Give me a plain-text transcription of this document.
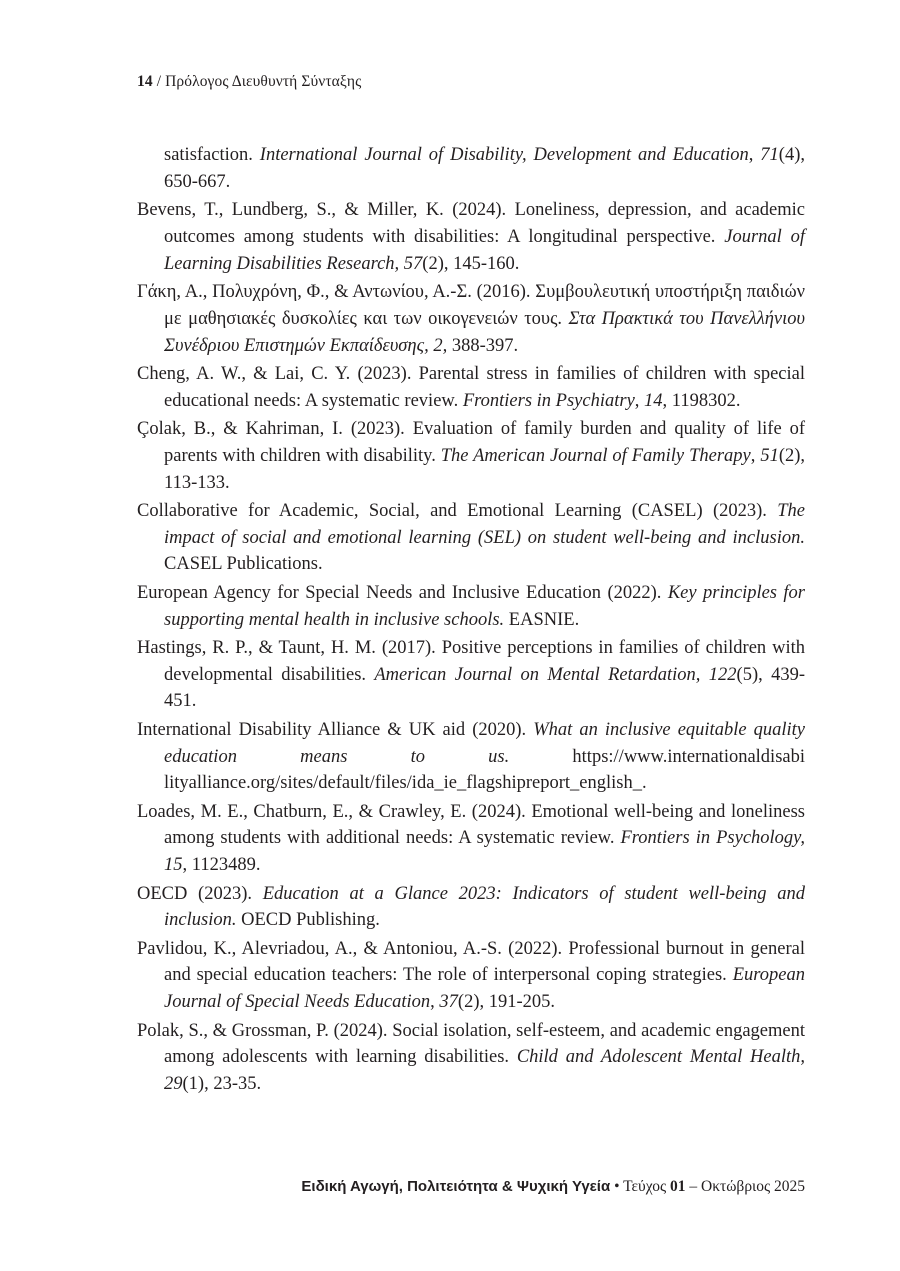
14 / Πρόλογος Διευθυντή Σύνταξης

satisfaction. International Journal of Disability, Development and Education, 71(4), 650-667.

Bevens, T., Lundberg, S., & Miller, K. (2024). Loneliness, depression, and academic outcomes among students with disabilities: A longitudinal perspective. Journal of Learning Disabilities Research, 57(2), 145-160.

Γάκη, Α., Πολυχρόνη, Φ., & Αντωνίου, Α.-Σ. (2016). Συμβουλευτική υποστήριξη παιδιών με μαθησιακές δυσκολίες και των οικογενειών τους. Στα Πρακτικά του Πανελλήνιου Συνέδριου Επιστημών Εκπαίδευσης, 2, 388-397.

Cheng, A. W., & Lai, C. Y. (2023). Parental stress in families of children with special educational needs: A systematic review. Frontiers in Psychiatry, 14, 1198302.

Çolak, B., & Kahriman, I. (2023). Evaluation of family burden and quality of life of parents with children with disability. The American Journal of Family Therapy, 51(2), 113-133.

Collaborative for Academic, Social, and Emotional Learning (CASEL) (2023). The impact of social and emotional learning (SEL) on student well-being and inclusion. CASEL Publications.

European Agency for Special Needs and Inclusive Education (2022). Key principles for supporting mental health in inclusive schools. EASNIE.

Hastings, R. P., & Taunt, H. M. (2017). Positive perceptions in families of children with developmental disabilities. American Journal on Mental Retardation, 122(5), 439-451.

International Disability Alliance & UK aid (2020). What an inclusive equitable quality education means to us. https://www.internationaldisabi lityalliance.org/sites/default/files/ida_ie_flagshipreport_english_.

Loades, M. E., Chatburn, E., & Crawley, E. (2024). Emotional well-being and loneliness among students with additional needs: A systematic review. Frontiers in Psychology, 15, 1123489.

OECD (2023). Education at a Glance 2023: Indicators of student well-being and inclusion. OECD Publishing.

Pavlidou, K., Alevriadou, A., & Antoniou, A.-S. (2022). Professional burnout in general and special education teachers: The role of interpersonal coping strategies. European Journal of Special Needs Education, 37(2), 191-205.

Polak, S., & Grossman, P. (2024). Social isolation, self-esteem, and academic engagement among adolescents with learning disabilities. Child and Adolescent Mental Health, 29(1), 23-35.

Ειδική Αγωγή, Πολιτειότητα & Ψυχική Υγεία • Τεύχος 01 – Οκτώβριος 2025
